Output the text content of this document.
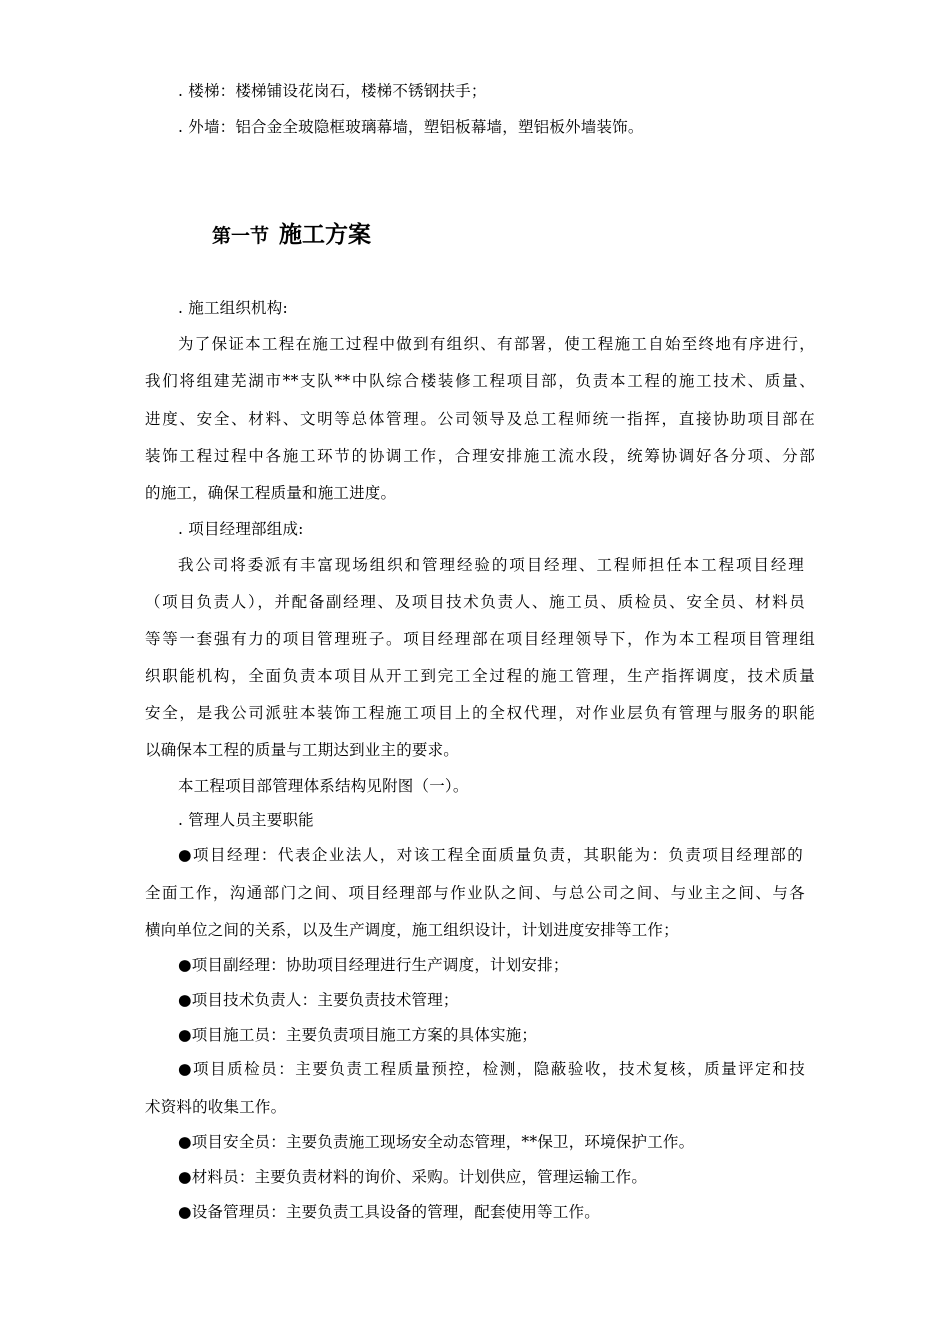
. 楼梯：楼梯铺设花岗石，楼梯不锈钢扶手；
. 外墙：铝合金全玻隐框玻璃幕墙，塑铝板幕墙，塑铝板外墙装饰。
第一节 施工方案
. 施工组织机构:
为了保证本工程在施工过程中做到有组织、有部署，使工程施工自始至终地有序进行，
我们将组建芜湖市**支队**中队综合楼装修工程项目部，负责本工程的施工技术、质量、
进度、安全、材料、文明等总体管理。公司领导及总工程师统一指挥，直接协助项目部在
装饰工程过程中各施工环节的协调工作，合理安排施工流水段，统筹协调好各分项、分部
的施工，确保工程质量和施工进度。
. 项目经理部组成:
我公司将委派有丰富现场组织和管理经验的项目经理、工程师担任本工程项目经理
（项目负责人），并配备副经理、及项目技术负责人、施工员、质检员、安全员、材料员
等等一套强有力的项目管理班子。项目经理部在项目经理领导下，作为本工程项目管理组
织职能机构，全面负责本项目从开工到完工全过程的施工管理，生产指挥调度，技术质量
安全，是我公司派驻本装饰工程施工项目上的全权代理，对作业层负有管理与服务的职能
以确保本工程的质量与工期达到业主的要求。
本工程项目部管理体系结构见附图（一）。
. 管理人员主要职能
●项目经理：代表企业法人，对该工程全面质量负责，其职能为：负责项目经理部的
全面工作，沟通部门之间、项目经理部与作业队之间、与总公司之间、与业主之间、与各
横向单位之间的关系，以及生产调度，施工组织设计，计划进度安排等工作；
●项目副经理：协助项目经理进行生产调度，计划安排；
●项目技术负责人：主要负责技术管理；
●项目施工员：主要负责项目施工方案的具体实施；
●项目质检员：主要负责工程质量预控，检测，隐蔽验收，技术复核，质量评定和技
术资料的收集工作。
●项目安全员：主要负责施工现场安全动态管理，**保卫，环境保护工作。
●材料员：主要负责材料的询价、采购。计划供应，管理运输工作。
●设备管理员：主要负责工具设备的管理，配套使用等工作。
